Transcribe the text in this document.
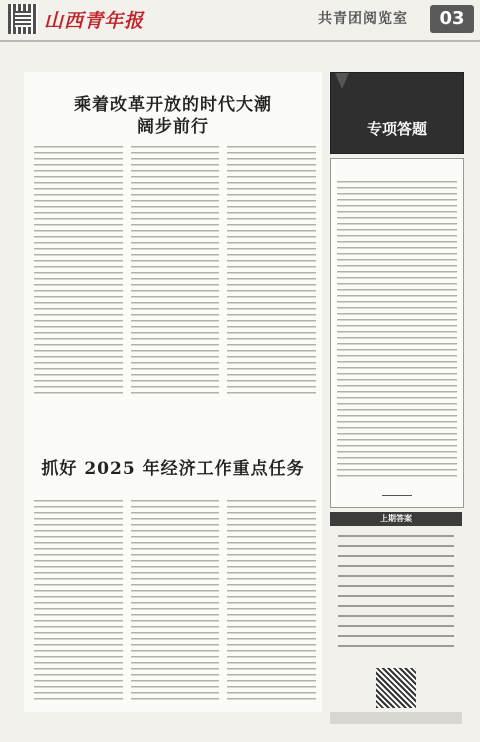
山西青年报	共青团阅览室	03
乘着改革开放的时代大潮
阔步前行
抓好 2025 年经济工作重点任务
专项答题
上期答案
